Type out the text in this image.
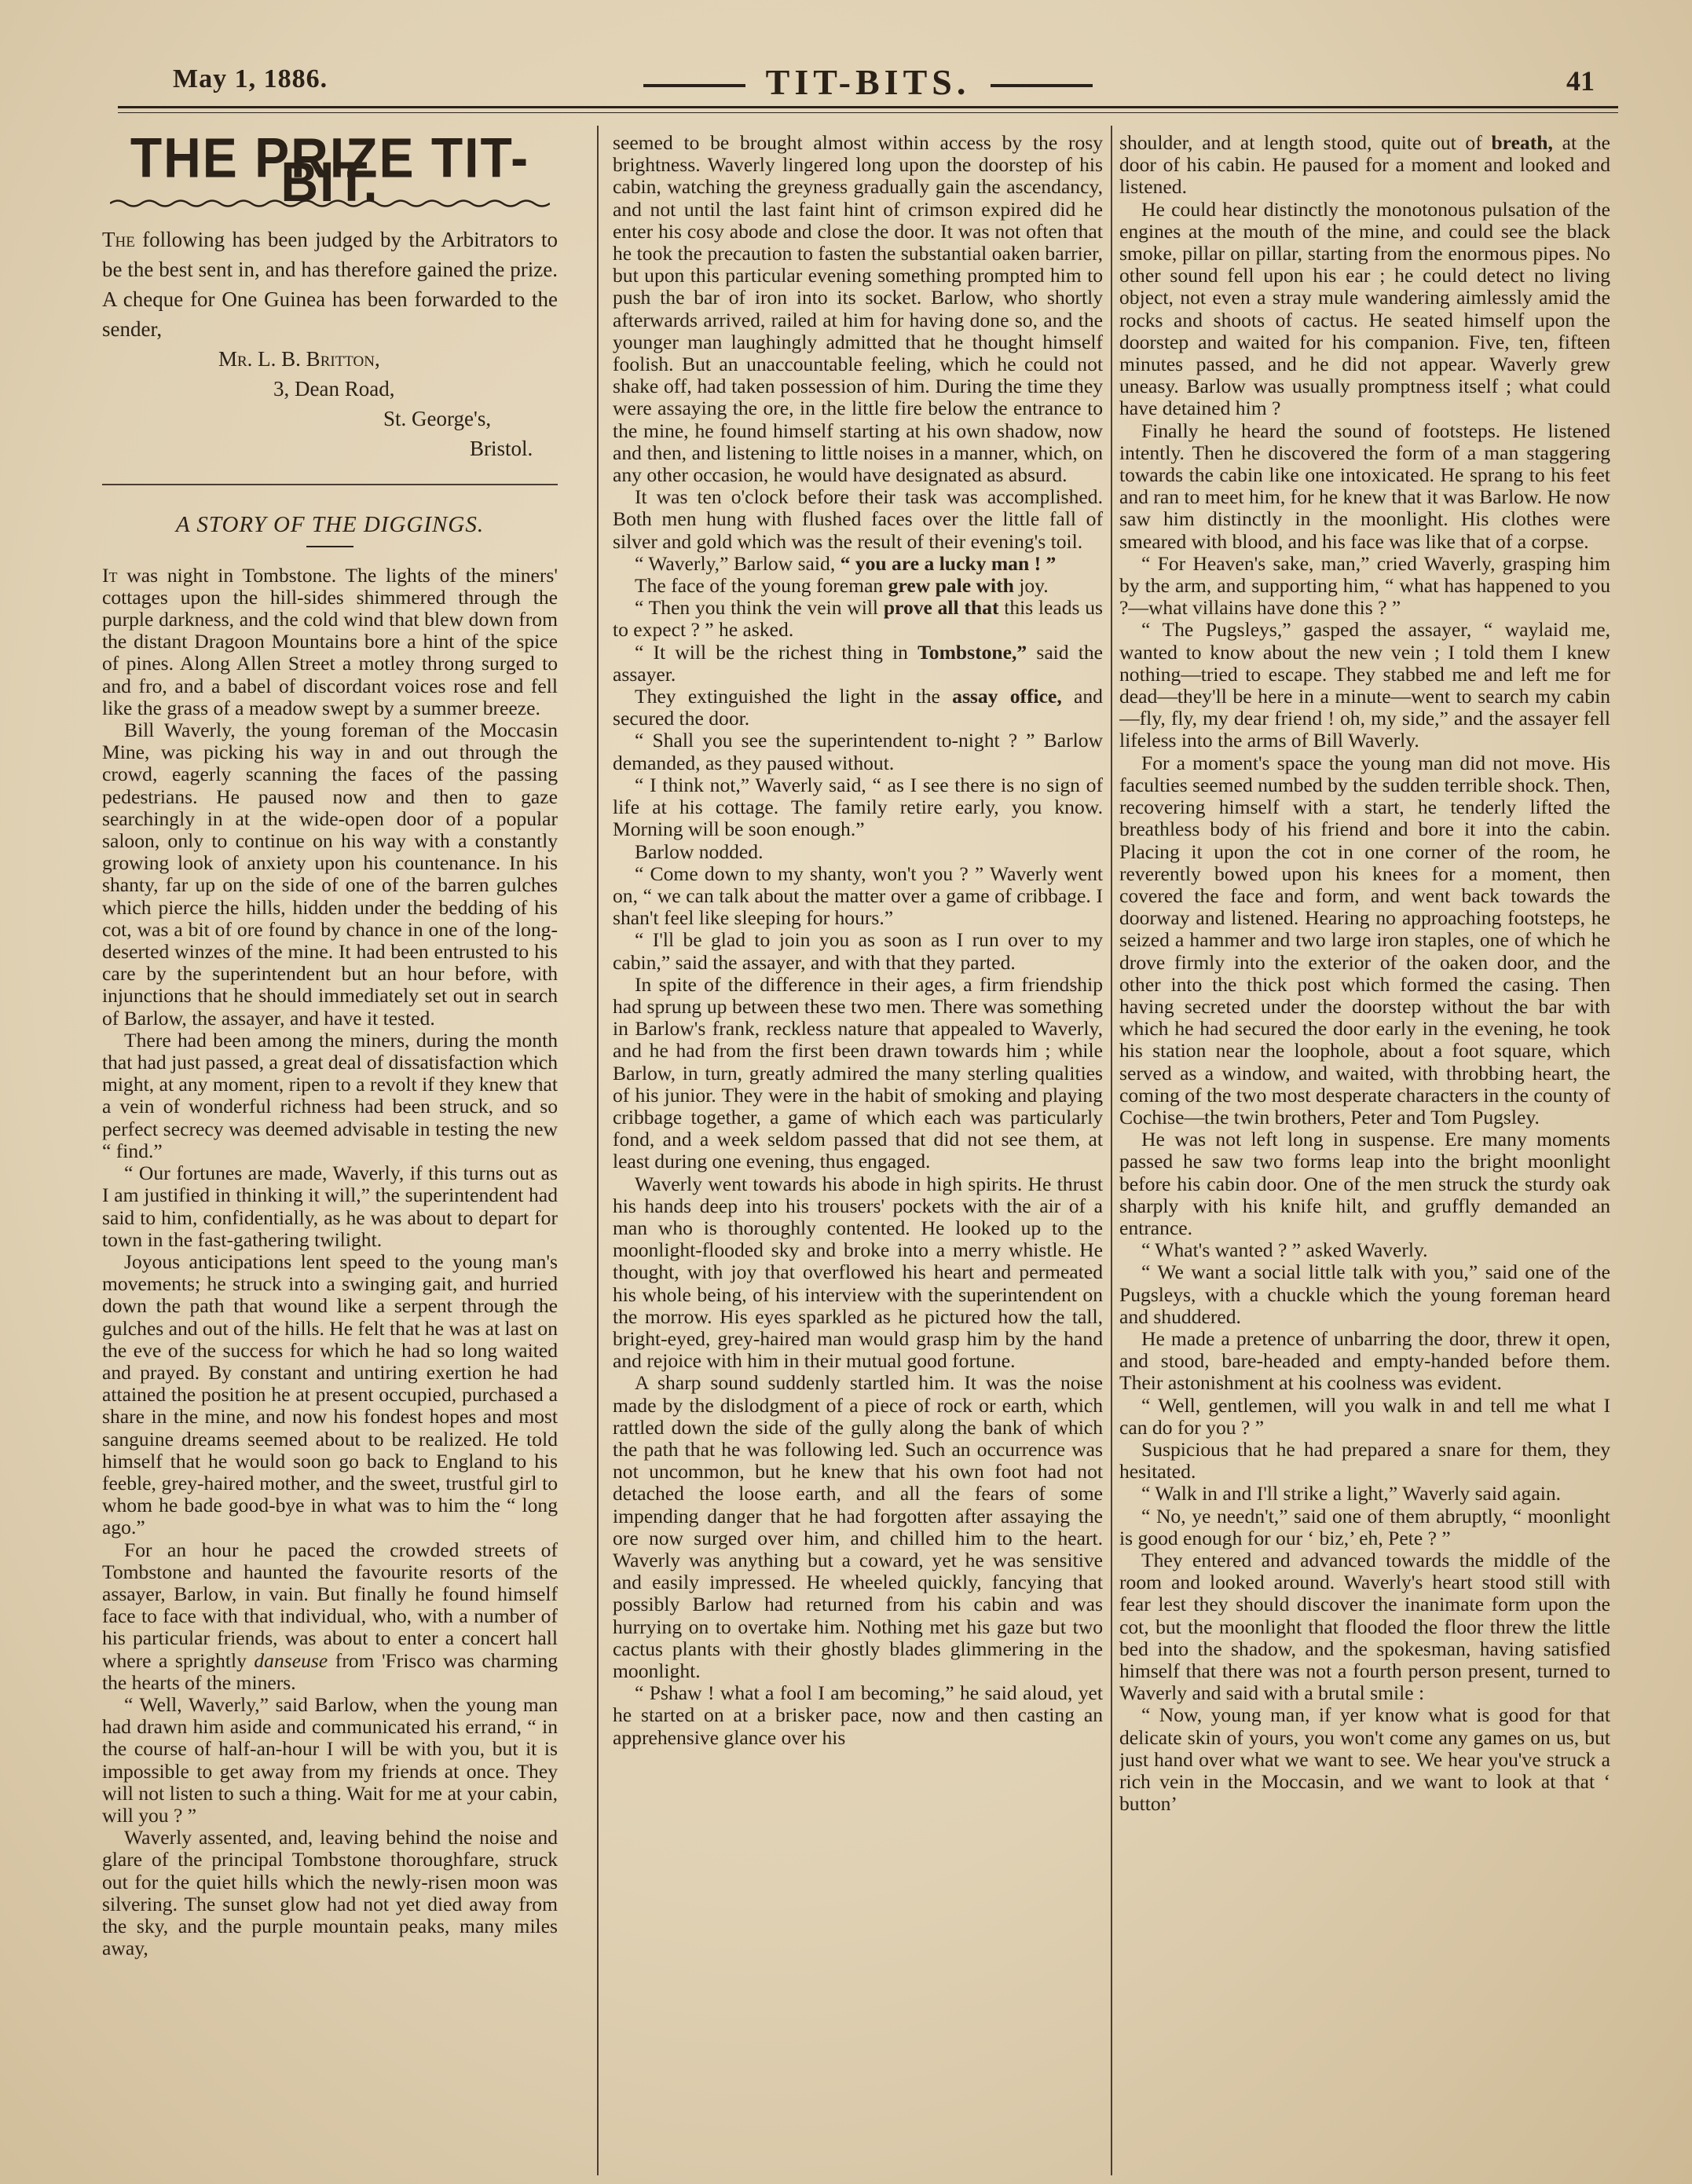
May 1, 1886.	TIT-BITS.	41
THE PRIZE TIT-BIT.

The following has been judged by the Arbitrators to be the best sent in, and has therefore gained the prize. A cheque for One Guinea has been forwarded to the sender,

Mr. L. B. Britton,
3, Dean Road,
St. George's,
Bristol.
A STORY OF THE DIGGINGS.

It was night in Tombstone. The lights of the miners' cottages upon the hill-sides shimmered through the purple darkness, and the cold wind that blew down from the distant Dragoon Mountains bore a hint of the spice of pines. Along Allen Street a motley throng surged to and fro, and a babel of discordant voices rose and fell like the grass of a meadow swept by a summer breeze.

Bill Waverly, the young foreman of the Moccasin Mine, was picking his way in and out through the crowd, eagerly scanning the faces of the passing pedestrians. He paused now and then to gaze searchingly in at the wide-open door of a popular saloon, only to continue on his way with a constantly growing look of anxiety upon his countenance. In his shanty, far up on the side of one of the barren gulches which pierce the hills, hidden under the bedding of his cot, was a bit of ore found by chance in one of the long-deserted winzes of the mine. It had been entrusted to his care by the superintendent but an hour before, with injunctions that he should immediately set out in search of Barlow, the assayer, and have it tested.

There had been among the miners, during the month that had just passed, a great deal of dissatisfaction which might, at any moment, ripen to a revolt if they knew that a vein of wonderful richness had been struck, and so perfect secrecy was deemed advisable in testing the new “ find.”

“ Our fortunes are made, Waverly, if this turns out as I am justified in thinking it will,” the superintendent had said to him, confidentially, as he was about to depart for town in the fast-gathering twilight.

Joyous anticipations lent speed to the young man's movements; he struck into a swinging gait, and hurried down the path that wound like a serpent through the gulches and out of the hills. He felt that he was at last on the eve of the success for which he had so long waited and prayed. By constant and untiring exertion he had attained the position he at present occupied, purchased a share in the mine, and now his fondest hopes and most sanguine dreams seemed about to be realized. He told himself that he would soon go back to England to his feeble, grey-haired mother, and the sweet, trustful girl to whom he bade good-bye in what was to him the “ long ago.”

For an hour he paced the crowded streets of Tombstone and haunted the favourite resorts of the assayer, Barlow, in vain. But finally he found himself face to face with that individual, who, with a number of his particular friends, was about to enter a concert hall where a sprightly danseuse from 'Frisco was charming the hearts of the miners.

“ Well, Waverly,” said Barlow, when the young man had drawn him aside and communicated his errand, “ in the course of half-an-hour I will be with you, but it is impossible to get away from my friends at once. They will not listen to such a thing. Wait for me at your cabin, will you ? ”

Waverly assented, and, leaving behind the noise and glare of the principal Tombstone thoroughfare, struck out for the quiet hills which the newly-risen moon was silvering. The sunset glow had not yet died away from the sky, and the purple mountain peaks, many miles away,

seemed to be brought almost within access by the rosy brightness. Waverly lingered long upon the doorstep of his cabin, watching the greyness gradually gain the ascendancy, and not until the last faint hint of crimson expired did he enter his cosy abode and close the door. It was not often that he took the precaution to fasten the substantial oaken barrier, but upon this particular evening something prompted him to push the bar of iron into its socket. Barlow, who shortly afterwards arrived, railed at him for having done so, and the younger man laughingly admitted that he thought himself foolish. But an unaccountable feeling, which he could not shake off, had taken possession of him. During the time they were assaying the ore, in the little fire below the entrance to the mine, he found himself starting at his own shadow, now and then, and listening to little noises in a manner, which, on any other occasion, he would have designated as absurd.

It was ten o'clock before their task was accomplished. Both men hung with flushed faces over the little fall of silver and gold which was the result of their evening's toil.

“ Waverly,” Barlow said, “ you are a lucky man ! ”

The face of the young foreman grew pale with joy.

“ Then you think the vein will prove all that this leads us to expect ? ” he asked.

“ It will be the richest thing in Tombstone,” said the assayer.

They extinguished the light in the assay office, and secured the door.

“ Shall you see the superintendent to-night ? ” Barlow demanded, as they paused without.

“ I think not,” Waverly said, “ as I see there is no sign of life at his cottage. The family retire early, you know. Morning will be soon enough.”

Barlow nodded.

“ Come down to my shanty, won't you ? ” Waverly went on, “ we can talk about the matter over a game of cribbage. I shan't feel like sleeping for hours.”

“ I'll be glad to join you as soon as I run over to my cabin,” said the assayer, and with that they parted.

In spite of the difference in their ages, a firm friendship had sprung up between these two men. There was something in Barlow's frank, reckless nature that appealed to Waverly, and he had from the first been drawn towards him ; while Barlow, in turn, greatly admired the many sterling qualities of his junior. They were in the habit of smoking and playing cribbage together, a game of which each was particularly fond, and a week seldom passed that did not see them, at least during one evening, thus engaged.

Waverly went towards his abode in high spirits. He thrust his hands deep into his trousers' pockets with the air of a man who is thoroughly contented. He looked up to the moonlight-flooded sky and broke into a merry whistle. He thought, with joy that overflowed his heart and permeated his whole being, of his interview with the superintendent on the morrow. His eyes sparkled as he pictured how the tall, bright-eyed, grey-haired man would grasp him by the hand and rejoice with him in their mutual good fortune.

A sharp sound suddenly startled him. It was the noise made by the dislodgment of a piece of rock or earth, which rattled down the side of the gully along the bank of which the path that he was following led. Such an occurrence was not uncommon, but he knew that his own foot had not detached the loose earth, and all the fears of some impending danger that he had forgotten after assaying the ore now surged over him, and chilled him to the heart. Waverly was anything but a coward, yet he was sensitive and easily impressed. He wheeled quickly, fancying that possibly Barlow had returned from his cabin and was hurrying on to overtake him. Nothing met his gaze but two cactus plants with their ghostly blades glimmering in the moonlight.

“ Pshaw ! what a fool I am becoming,” he said aloud, yet he started on at a brisker pace, now and then casting an apprehensive glance over his

shoulder, and at length stood, quite out of breath, at the door of his cabin. He paused for a moment and looked and listened.

He could hear distinctly the monotonous pulsation of the engines at the mouth of the mine, and could see the black smoke, pillar on pillar, starting from the enormous pipes. No other sound fell upon his ear ; he could detect no living object, not even a stray mule wandering aimlessly amid the rocks and shoots of cactus. He seated himself upon the doorstep and waited for his companion. Five, ten, fifteen minutes passed, and he did not appear. Waverly grew uneasy. Barlow was usually promptness itself ; what could have detained him ?

Finally he heard the sound of footsteps. He listened intently. Then he discovered the form of a man staggering towards the cabin like one intoxicated. He sprang to his feet and ran to meet him, for he knew that it was Barlow. He now saw him distinctly in the moonlight. His clothes were smeared with blood, and his face was like that of a corpse.

“ For Heaven's sake, man,” cried Waverly, grasping him by the arm, and supporting him, “ what has happened to you ?—what villains have done this ? ”

“ The Pugsleys,” gasped the assayer, “ waylaid me, wanted to know about the new vein ; I told them I knew nothing—tried to escape. They stabbed me and left me for dead—they'll be here in a minute—went to search my cabin—fly, fly, my dear friend ! oh, my side,” and the assayer fell lifeless into the arms of Bill Waverly.

For a moment's space the young man did not move. His faculties seemed numbed by the sudden terrible shock. Then, recovering himself with a start, he tenderly lifted the breathless body of his friend and bore it into the cabin. Placing it upon the cot in one corner of the room, he reverently bowed upon his knees for a moment, then covered the face and form, and went back towards the doorway and listened. Hearing no approaching footsteps, he seized a hammer and two large iron staples, one of which he drove firmly into the exterior of the oaken door, and the other into the thick post which formed the casing. Then having secreted under the doorstep without the bar with which he had secured the door early in the evening, he took his station near the loophole, about a foot square, which served as a window, and waited, with throbbing heart, the coming of the two most desperate characters in the county of Cochise—the twin brothers, Peter and Tom Pugsley.

He was not left long in suspense. Ere many moments passed he saw two forms leap into the bright moonlight before his cabin door. One of the men struck the sturdy oak sharply with his knife hilt, and gruffly demanded an entrance.

“ What's wanted ? ” asked Waverly.

“ We want a social little talk with you,” said one of the Pugsleys, with a chuckle which the young foreman heard and shuddered.

He made a pretence of unbarring the door, threw it open, and stood, bare-headed and empty-handed before them. Their astonishment at his coolness was evident.

“ Well, gentlemen, will you walk in and tell me what I can do for you ? ”

Suspicious that he had prepared a snare for them, they hesitated.

“ Walk in and I'll strike a light,” Waverly said again.

“ No, ye needn't,” said one of them abruptly, “ moonlight is good enough for our ‘ biz,’ eh, Pete ? ”

They entered and advanced towards the middle of the room and looked around. Waverly's heart stood still with fear lest they should discover the inanimate form upon the cot, but the moonlight that flooded the floor threw the little bed into the shadow, and the spokesman, having satisfied himself that there was not a fourth person present, turned to Waverly and said with a brutal smile :

“ Now, young man, if yer know what is good for that delicate skin of yours, you won't come any games on us, but just hand over what we want to see. We hear you've struck a rich vein in the Moccasin, and we want to look at that ‘ button’
